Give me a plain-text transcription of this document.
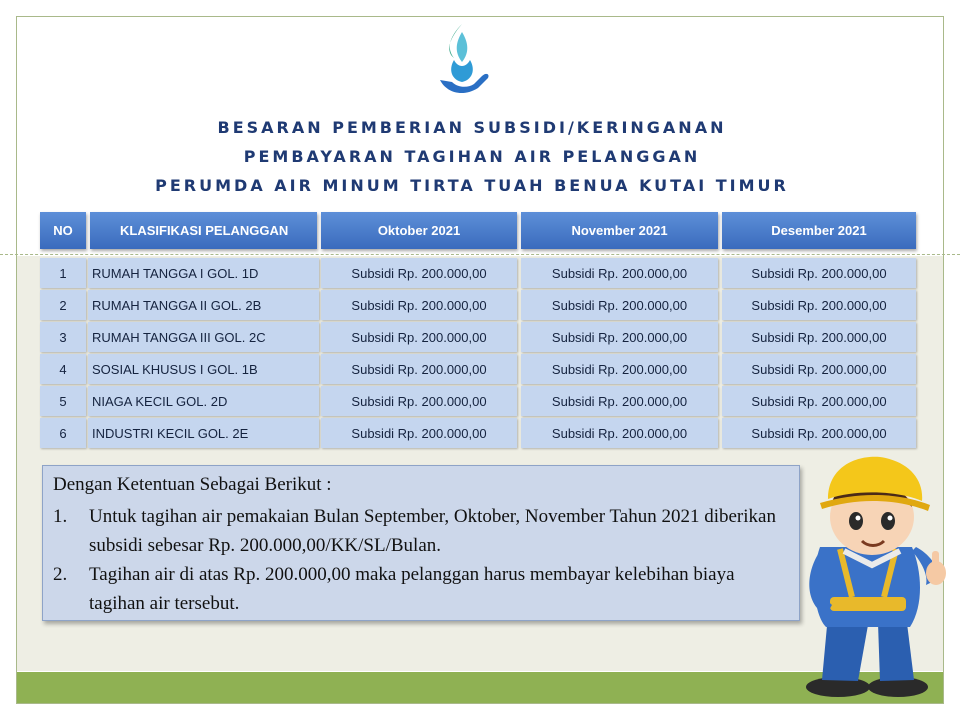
BESARAN PEMBERIAN SUBSIDI/KERINGANAN
PEMBAYARAN TAGIHAN AIR PELANGGAN
PERUMDA AIR MINUM TIRTA TUAH BENUA KUTAI TIMUR
NO	KLASIFIKASI PELANGGAN	Oktober 2021	November 2021	Desember 2021
1	RUMAH TANGGA I GOL. 1D	Subsidi Rp. 200.000,00	Subsidi Rp. 200.000,00	Subsidi Rp. 200.000,00
2	RUMAH TANGGA II GOL. 2B	Subsidi Rp. 200.000,00	Subsidi Rp. 200.000,00	Subsidi Rp. 200.000,00
3	RUMAH TANGGA III GOL. 2C	Subsidi Rp. 200.000,00	Subsidi Rp. 200.000,00	Subsidi Rp. 200.000,00
4	SOSIAL KHUSUS I GOL. 1B	Subsidi Rp. 200.000,00	Subsidi Rp. 200.000,00	Subsidi Rp. 200.000,00
5	NIAGA KECIL GOL. 2D	Subsidi Rp. 200.000,00	Subsidi Rp. 200.000,00	Subsidi Rp. 200.000,00
6	INDUSTRI KECIL GOL. 2E	Subsidi Rp. 200.000,00	Subsidi Rp. 200.000,00	Subsidi Rp. 200.000,00
Dengan Ketentuan Sebagai Berikut :
1. Untuk tagihan air pemakaian Bulan September, Oktober, November Tahun 2021 diberikan subsidi sebesar Rp. 200.000,00/KK/SL/Bulan.
2. Tagihan air di atas Rp. 200.000,00 maka pelanggan harus membayar kelebihan biaya tagihan air tersebut.
